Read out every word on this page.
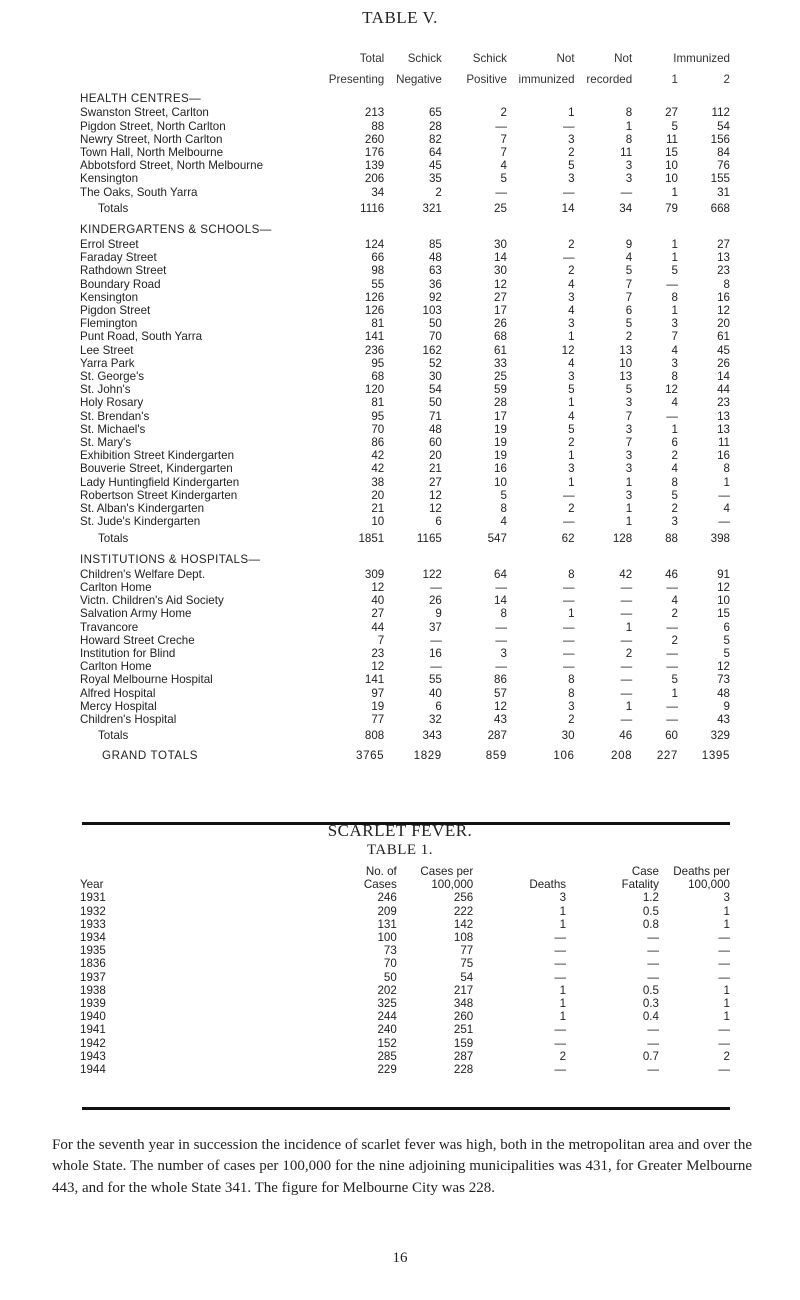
TABLE V.
	Total	Schick	Schick	Not	Not	Immunized	
	Presenting	Negative	Positive	immunized	recorded	1	2
HEALTH CENTRES—							
Swanston Street, Carlton	213	65	2	1	8	27	112
Pigdon Street, North Carlton	88	28	—	—	1	5	54
Newry Street, North Carlton	260	82	7	3	8	11	156
Town Hall, North Melbourne	176	64	7	2	11	15	84
Abbotsford Street, North Melbourne	139	45	4	5	3	10	76
Kensington	206	35	5	3	3	10	155
The Oaks, South Yarra	34	2	—	—	—	1	31
Totals	1116	321	25	14	34	79	668
KINDERGARTENS & SCHOOLS—							
Errol Street	124	85	30	2	9	1	27
Faraday Street	66	48	14	—	4	1	13
Rathdown Street	98	63	30	2	5	5	23
Boundary Road	55	36	12	4	7	—	8
Kensington	126	92	27	3	7	8	16
Pigdon Street	126	103	17	4	6	1	12
Flemington	81	50	26	3	5	3	20
Punt Road, South Yarra	141	70	68	1	2	7	61
Lee Street	236	162	61	12	13	4	45
Yarra Park	95	52	33	4	10	3	26
St. George's	68	30	25	3	13	8	14
St. John's	120	54	59	5	5	12	44
Holy Rosary	81	50	28	1	3	4	23
St. Brendan's	95	71	17	4	7	—	13
St. Michael's	70	48	19	5	3	1	13
St. Mary's	86	60	19	2	7	6	11
Exhibition Street Kindergarten	42	20	19	1	3	2	16
Bouverie Street, Kindergarten	42	21	16	3	3	4	8
Lady Huntingfield Kindergarten	38	27	10	1	1	8	1
Robertson Street Kindergarten	20	12	5	—	3	5	—
St. Alban's Kindergarten	21	12	8	2	1	2	4
St. Jude's Kindergarten	10	6	4	—	1	3	—
Totals	1851	1165	547	62	128	88	398
INSTITUTIONS & HOSPITALS—							
Children's Welfare Dept.	309	122	64	8	42	46	91
Carlton Home	12	—	—	—	—	—	12
Victn. Children's Aid Society	40	26	14	—	—	4	10
Salvation Army Home	27	9	8	1	—	2	15
Travancore	44	37	—	—	1	—	6
Howard Street Creche	7	—	—	—	—	2	5
Institution for Blind	23	16	3	—	2	—	5
Carlton Home	12	—	—	—	—	—	12
Royal Melbourne Hospital	141	55	86	8	—	5	73
Alfred Hospital	97	40	57	8	—	1	48
Mercy Hospital	19	6	12	3	1	—	9
Children's Hospital	77	32	43	2	—	—	43
Totals	808	343	287	30	46	60	329
GRAND TOTALS	3765	1829	859	106	208	227	1395
SCARLET FEVER.
TABLE 1.
	No. of	Cases per		Case	Deaths per
Year	Cases	100,000	Deaths	Fatality	100,000
1931	246	256	3	1.2	3
1932	209	222	1	0.5	1
1933	131	142	1	0.8	1
1934	100	108	—	—	—
1935	73	77	—	—	—
1836	70	75	—	—	—
1937	50	54	—	—	—
1938	202	217	1	0.5	1
1939	325	348	1	0.3	1
1940	244	260	1	0.4	1
1941	240	251	—	—	—
1942	152	159	—	—	—
1943	285	287	2	0.7	2
1944	229	228	—	—	—
For the seventh year in succession the incidence of scarlet fever was high, both in the metropolitan area and over the whole State. The number of cases per 100,000 for the nine adjoining municipalities was 431, for Greater Melbourne 443, and for the whole State 341. The figure for Melbourne City was 228.
16
